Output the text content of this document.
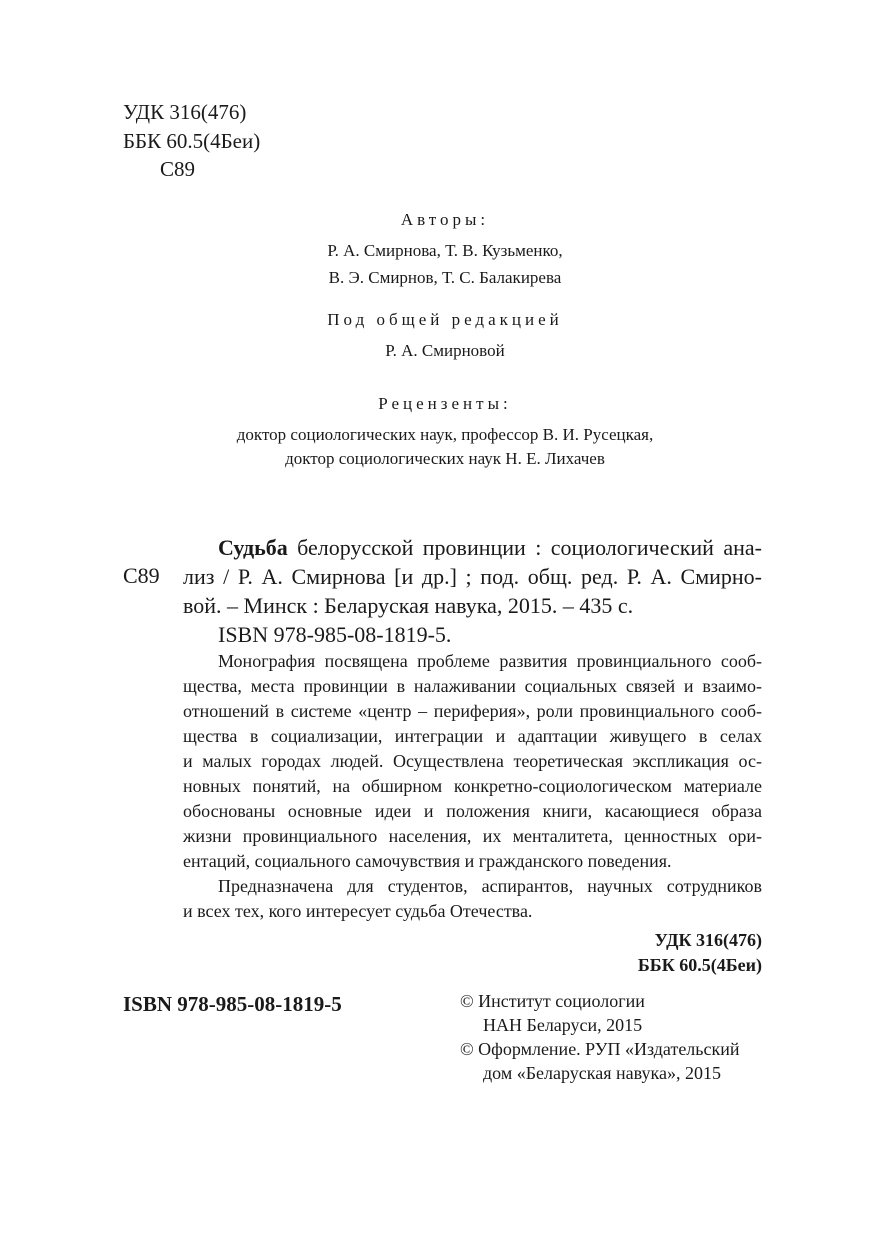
УДК 316(476)
ББК 60.5(4Беи)
С89
Авторы:
Р. А. Смирнова, Т. В. Кузьменко,
В. Э. Смирнов, Т. С. Балакирева
Под общей редакцией
Р. А. Смирновой
Рецензенты:
доктор социологических наук, профессор В. И. Русецкая,
доктор социологических наук Н. Е. Лихачев
С89
Судьба белорусской провинции : социологический ана-
лиз / Р. А. Смирнова [и др.] ; под. общ. ред. Р. А. Смирно-
вой. – Минск : Беларуская навука, 2015. – 435 с.
ISBN 978-985-08-1819-5.
Монография посвящена проблеме развития провинциального сооб-
щества, места провинции в налаживании социальных связей и взаимо-
отношений в системе «центр – периферия», роли провинциального сооб-
щества в социализации, интеграции и адаптации живущего в селах
и малых городах людей. Осуществлена теоретическая экспликация ос-
новных понятий, на обширном конкретно-социологическом материале
обоснованы основные идеи и положения книги, касающиеся образа
жизни провинциального населения, их менталитета, ценностных ори-
ентаций, социального самочувствия и гражданского поведения.
Предназначена для студентов, аспирантов, научных сотрудников
и всех тех, кого интересует судьба Отечества.
УДК 316(476)
ББК 60.5(4Беи)
ISBN 978-985-08-1819-5	© Институт социологии
НАН Беларуси, 2015
© Оформление. РУП «Издательский
дом «Беларуская навука», 2015
